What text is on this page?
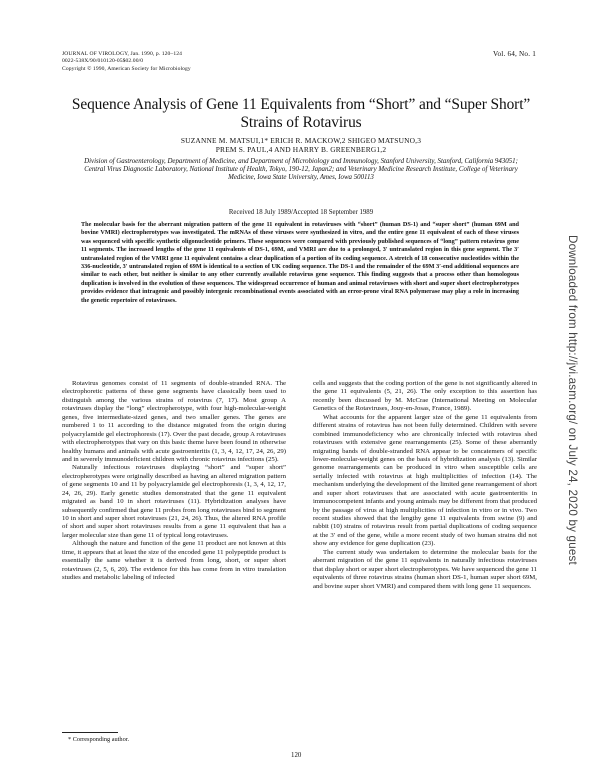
JOURNAL OF VIROLOGY, Jan. 1990, p. 120–124
0022-538X/90/010120-05$02.00/0
Copyright © 1990, American Society for Microbiology
Vol. 64, No. 1
Sequence Analysis of Gene 11 Equivalents from “Short” and “Super Short” Strains of Rotavirus
SUZANNE M. MATSUI,1* ERICH R. MACKOW,2 SHIGEO MATSUNO,3
PREM S. PAUL,4 AND HARRY B. GREENBERG1,2
Division of Gastroenterology, Department of Medicine, and Department of Microbiology and Immunology, Stanford University, Stanford, California 943051; Central Virus Diagnostic Laboratory, National Institute of Health, Tokyo, 190-12, Japan2; and Veterinary Medicine Research Institute, College of Veterinary Medicine, Iowa State University, Ames, Iowa 500113
Received 18 July 1989/Accepted 18 September 1989
The molecular basis for the aberrant migration pattern of the gene 11 equivalent in rotaviruses with “short” (human DS-1) and “super short” (human 69M and bovine VMRI) electropherotypes was investigated. The mRNAs of these viruses were synthesized in vitro, and the entire gene 11 equivalent of each of these viruses was sequenced with specific synthetic oligonucleotide primers. These sequences were compared with previously published sequences of “long” pattern rotavirus gene 11 segments. The increased lengths of the gene 11 equivalents of DS-1, 69M, and VMRI are due to a prolonged, 3′ untranslated region in this gene segment. The 3′ untranslated region of the VMRI gene 11 equivalent contains a clear duplication of a portion of its coding sequence. A stretch of 18 consecutive nucleotides within the 336-nucleotide, 3′ untranslated region of 69M is identical to a section of UK coding sequence. The DS-1 and the remainder of the 69M 3′-end additional sequences are similar to each other, but neither is similar to any other currently available rotavirus gene sequence. This finding suggests that a process other than homologous duplication is involved in the evolution of these sequences. The widespread occurrence of human and animal rotaviruses with short and super short electropherotypes provides evidence that intragenic and possibly intergenic recombinational events associated with an error-prone viral RNA polymerase may play a role in increasing the genetic repertoire of rotaviruses.

Rotavirus genomes consist of 11 segments of double-stranded RNA. The electrophoretic patterns of these gene segments have classically been used to distinguish among the various strains of rotavirus (7, 17). Most group A rotaviruses display the “long” electropherotype, with four high-molecular-weight genes, five intermediate-sized genes, and two smaller genes. The genes are numbered 1 to 11 according to the distance migrated from the origin during polyacrylamide gel electrophoresis (17). Over the past decade, group A rotaviruses with electropherotypes that vary on this basic theme have been found in otherwise healthy humans and animals with acute gastroenteritis (1, 3, 4, 12, 17, 24, 26, 29) and in severely immunodeficient children with chronic rotavirus infections (25).

Naturally infectious rotaviruses displaying “short” and “super short” electropherotypes were originally described as having an altered migration pattern of gene segments 10 and 11 by polyacrylamide gel electrophoresis (1, 3, 4, 12, 17, 24, 26, 29). Early genetic studies demonstrated that the gene 11 equivalent migrated as band 10 in short rotaviruses (11). Hybridization analyses have subsequently confirmed that gene 11 probes from long rotaviruses bind to segment 10 in short and super short rotaviruses (21, 24, 26). Thus, the altered RNA profile of short and super short rotaviruses results from a gene 11 equivalent that has a larger molecular size than gene 11 of typical long rotaviruses.

Although the nature and function of the gene 11 product are not known at this time, it appears that at least the size of the encoded gene 11 polypeptide product is essentially the same whether it is derived from long, short, or super short rotaviruses (2, 5, 6, 20). The evidence for this has come from in vitro translation studies and metabolic labeling of infected

cells and suggests that the coding portion of the gene is not significantly altered in the gene 11 equivalents (5, 21, 26). The only exception to this assertion has recently been discussed by M. McCrae (International Meeting on Molecular Genetics of the Rotaviruses, Jouy-en-Josas, France, 1989).

What accounts for the apparent larger size of the gene 11 equivalents from different strains of rotavirus has not been fully determined. Children with severe combined immunodeficiency who are chronically infected with rotavirus shed rotaviruses with extensive gene rearrangements (25). Some of these aberrantly migrating bands of double-stranded RNA appear to be concatemers of specific lower-molecular-weight genes on the basis of hybridization analysis (13). Similar genome rearrangements can be produced in vitro when susceptible cells are serially infected with rotavirus at high multiplicities of infection (14). The mechanism underlying the development of the limited gene rearrangement of short and super short rotaviruses that are associated with acute gastroenteritis in immunocompetent infants and young animals may be different from that produced by the passage of virus at high multiplicities of infection in vitro or in vivo. Two recent studies showed that the lengthy gene 11 equivalents from swine (9) and rabbit (10) strains of rotavirus result from partial duplications of coding sequence at the 3′ end of the gene, while a more recent study of two human strains did not show any evidence for gene duplication (23).

The current study was undertaken to determine the molecular basis for the aberrant migration of the gene 11 equivalents in naturally infectious rotaviruses that display short or super short electropherotypes. We have sequenced the gene 11 equivalents of three rotavirus strains (human short DS-1, human super short 69M, and bovine super short VMRI) and compared them with long gene 11 sequences.

* Corresponding author.
120
Downloaded from http://jvi.asm.org/ on July 24, 2020 by guest
